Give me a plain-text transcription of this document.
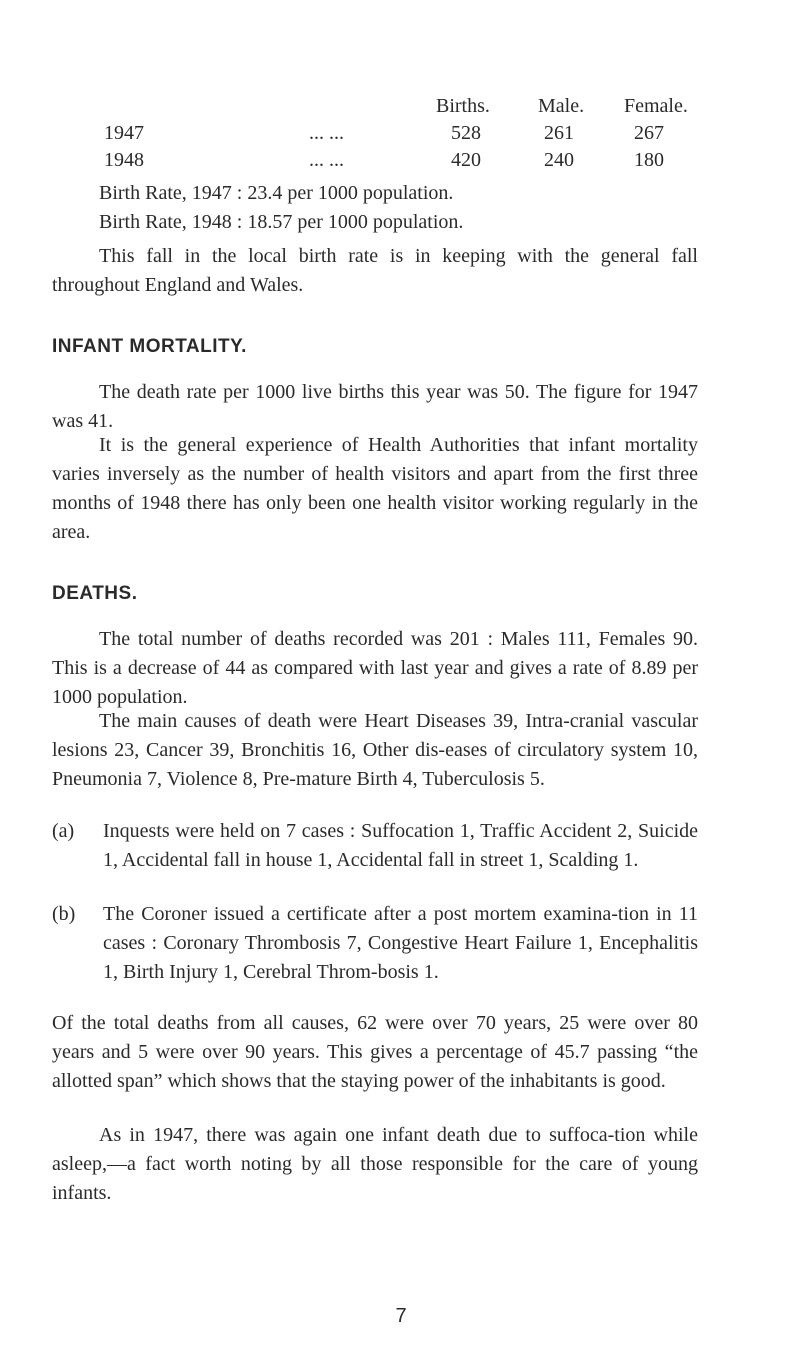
Births. Male. Female.
1947	... ...	528	261	267
1948	... ...	420	240	180
Birth Rate, 1947 : 23.4 per 1000 population.
Birth Rate, 1948 : 18.57 per 1000 population.

This fall in the local birth rate is in keeping with the general fall throughout England and Wales.

INFANT MORTALITY.

The death rate per 1000 live births this year was 50. The figure for 1947 was 41.

It is the general experience of Health Authorities that infant mortality varies inversely as the number of health visitors and apart from the first three months of 1948 there has only been one health visitor working regularly in the area.

DEATHS.

The total number of deaths recorded was 201 : Males 111, Females 90. This is a decrease of 44 as compared with last year and gives a rate of 8.89 per 1000 population.

The main causes of death were Heart Diseases 39, Intra-cranial vascular lesions 23, Cancer 39, Bronchitis 16, Other dis-eases of circulatory system 10, Pneumonia 7, Violence 8, Pre-mature Birth 4, Tuberculosis 5.

(a) Inquests were held on 7 cases : Suffocation 1, Traffic Accident 2, Suicide 1, Accidental fall in house 1, Accidental fall in street 1, Scalding 1.

(b) The Coroner issued a certificate after a post mortem examina-tion in 11 cases : Coronary Thrombosis 7, Congestive Heart Failure 1, Encephalitis 1, Birth Injury 1, Cerebral Throm-bosis 1.

Of the total deaths from all causes, 62 were over 70 years, 25 were over 80 years and 5 were over 90 years. This gives a percentage of 45.7 passing “the allotted span” which shows that the staying power of the inhabitants is good.

As in 1947, there was again one infant death due to suffoca-tion while asleep,—a fact worth noting by all those responsible for the care of young infants.

7
